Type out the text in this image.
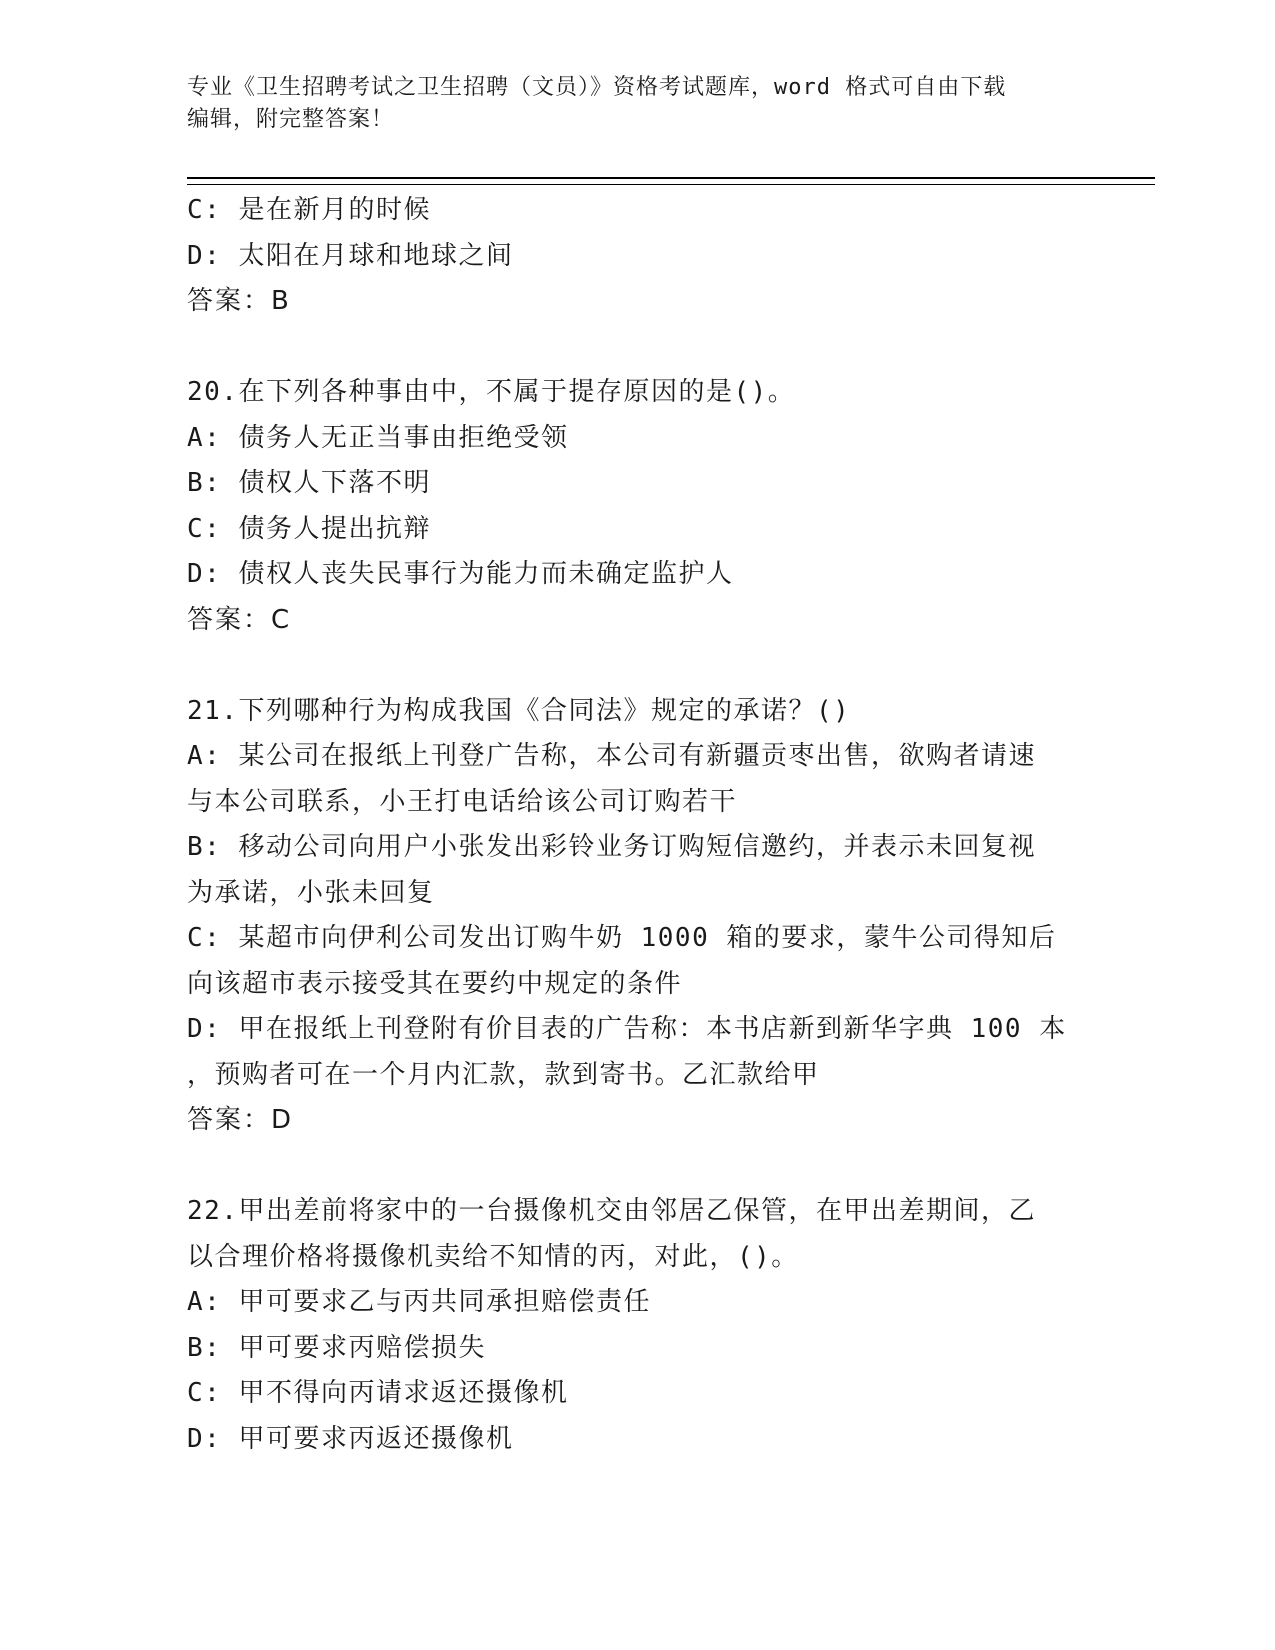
专业《卫生招聘考试之卫生招聘（文员）》资格考试题库，word 格式可自由下载
编辑，附完整答案！
C: 是在新月的时候
D: 太阳在月球和地球之间
答案：B
20.在下列各种事由中，不属于提存原因的是()。
A: 债务人无正当事由拒绝受领
B: 债权人下落不明
C: 债务人提出抗辩
D: 债权人丧失民事行为能力而未确定监护人
答案：C
21.下列哪种行为构成我国《合同法》规定的承诺？()
A: 某公司在报纸上刊登广告称，本公司有新疆贡枣出售，欲购者请速
与本公司联系，小王打电话给该公司订购若干
B: 移动公司向用户小张发出彩铃业务订购短信邀约，并表示未回复视
为承诺，小张未回复
C: 某超市向伊利公司发出订购牛奶 1000 箱的要求，蒙牛公司得知后
向该超市表示接受其在要约中规定的条件
D: 甲在报纸上刊登附有价目表的广告称：本书店新到新华字典 100 本
，预购者可在一个月内汇款，款到寄书。乙汇款给甲
答案：D
22.甲出差前将家中的一台摄像机交由邻居乙保管，在甲出差期间，乙
以合理价格将摄像机卖给不知情的丙，对此，()。
A: 甲可要求乙与丙共同承担赔偿责任
B: 甲可要求丙赔偿损失
C: 甲不得向丙请求返还摄像机
D: 甲可要求丙返还摄像机
